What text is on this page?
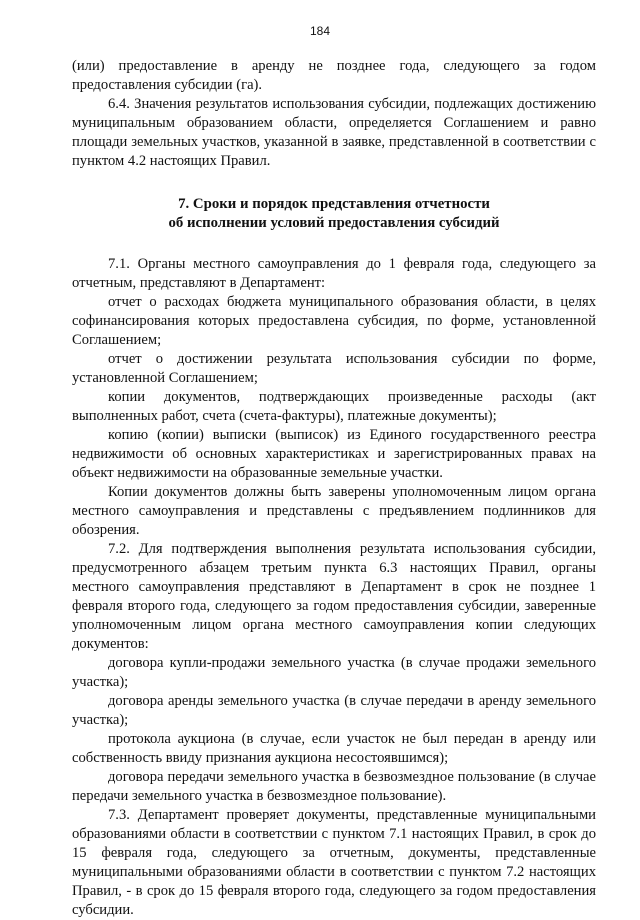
184

(или) предоставление в аренду не позднее года, следующего за годом предоставления субсидии (га).

6.4. Значения результатов использования субсидии, подлежащих достижению муниципальным образованием области, определяется Соглашением и равно площади земельных участков, указанной в заявке, представленной в соответствии с пунктом 4.2 настоящих Правил.

7. Сроки и порядок представления отчетности
об исполнении условий предоставления субсидий

7.1. Органы местного самоуправления до 1 февраля года, следующего за отчетным, представляют в Департамент:

отчет о расходах бюджета муниципального образования области, в целях софинансирования которых предоставлена субсидия, по форме, установленной Соглашением;

отчет о достижении результата использования субсидии по форме, установленной Соглашением;

копии документов, подтверждающих произведенные расходы (акт выполненных работ, счета (счета-фактуры), платежные документы);

копию (копии) выписки (выписок) из Единого государственного реестра недвижимости об основных характеристиках и зарегистрированных правах на объект недвижимости на образованные земельные участки.

Копии документов должны быть заверены уполномоченным лицом органа местного самоуправления и представлены с предъявлением подлинников для обозрения.

7.2. Для подтверждения выполнения результата использования субсидии, предусмотренного абзацем третьим пункта 6.3 настоящих Правил, органы местного самоуправления представляют в Департамент в срок не позднее 1 февраля второго года, следующего за годом предоставления субсидии, заверенные уполномоченным лицом органа местного самоуправления копии следующих документов:

договора купли-продажи земельного участка (в случае продажи земельного участка);

договора аренды земельного участка (в случае передачи в аренду земельного участка);

протокола аукциона (в случае, если участок не был передан в аренду или собственность ввиду признания аукциона несостоявшимся);

договора передачи земельного участка в безвозмездное пользование (в случае передачи земельного участка в безвозмездное пользование).

7.3. Департамент проверяет документы, представленные муниципальными образованиями области в соответствии с пунктом 7.1 настоящих Правил, в срок до 15 февраля года, следующего за отчетным, документы, представленные муниципальными образованиями области в соответствии с пунктом 7.2 настоящих Правил, - в срок до 15 февраля второго года, следующего за годом предоставления субсидии.
